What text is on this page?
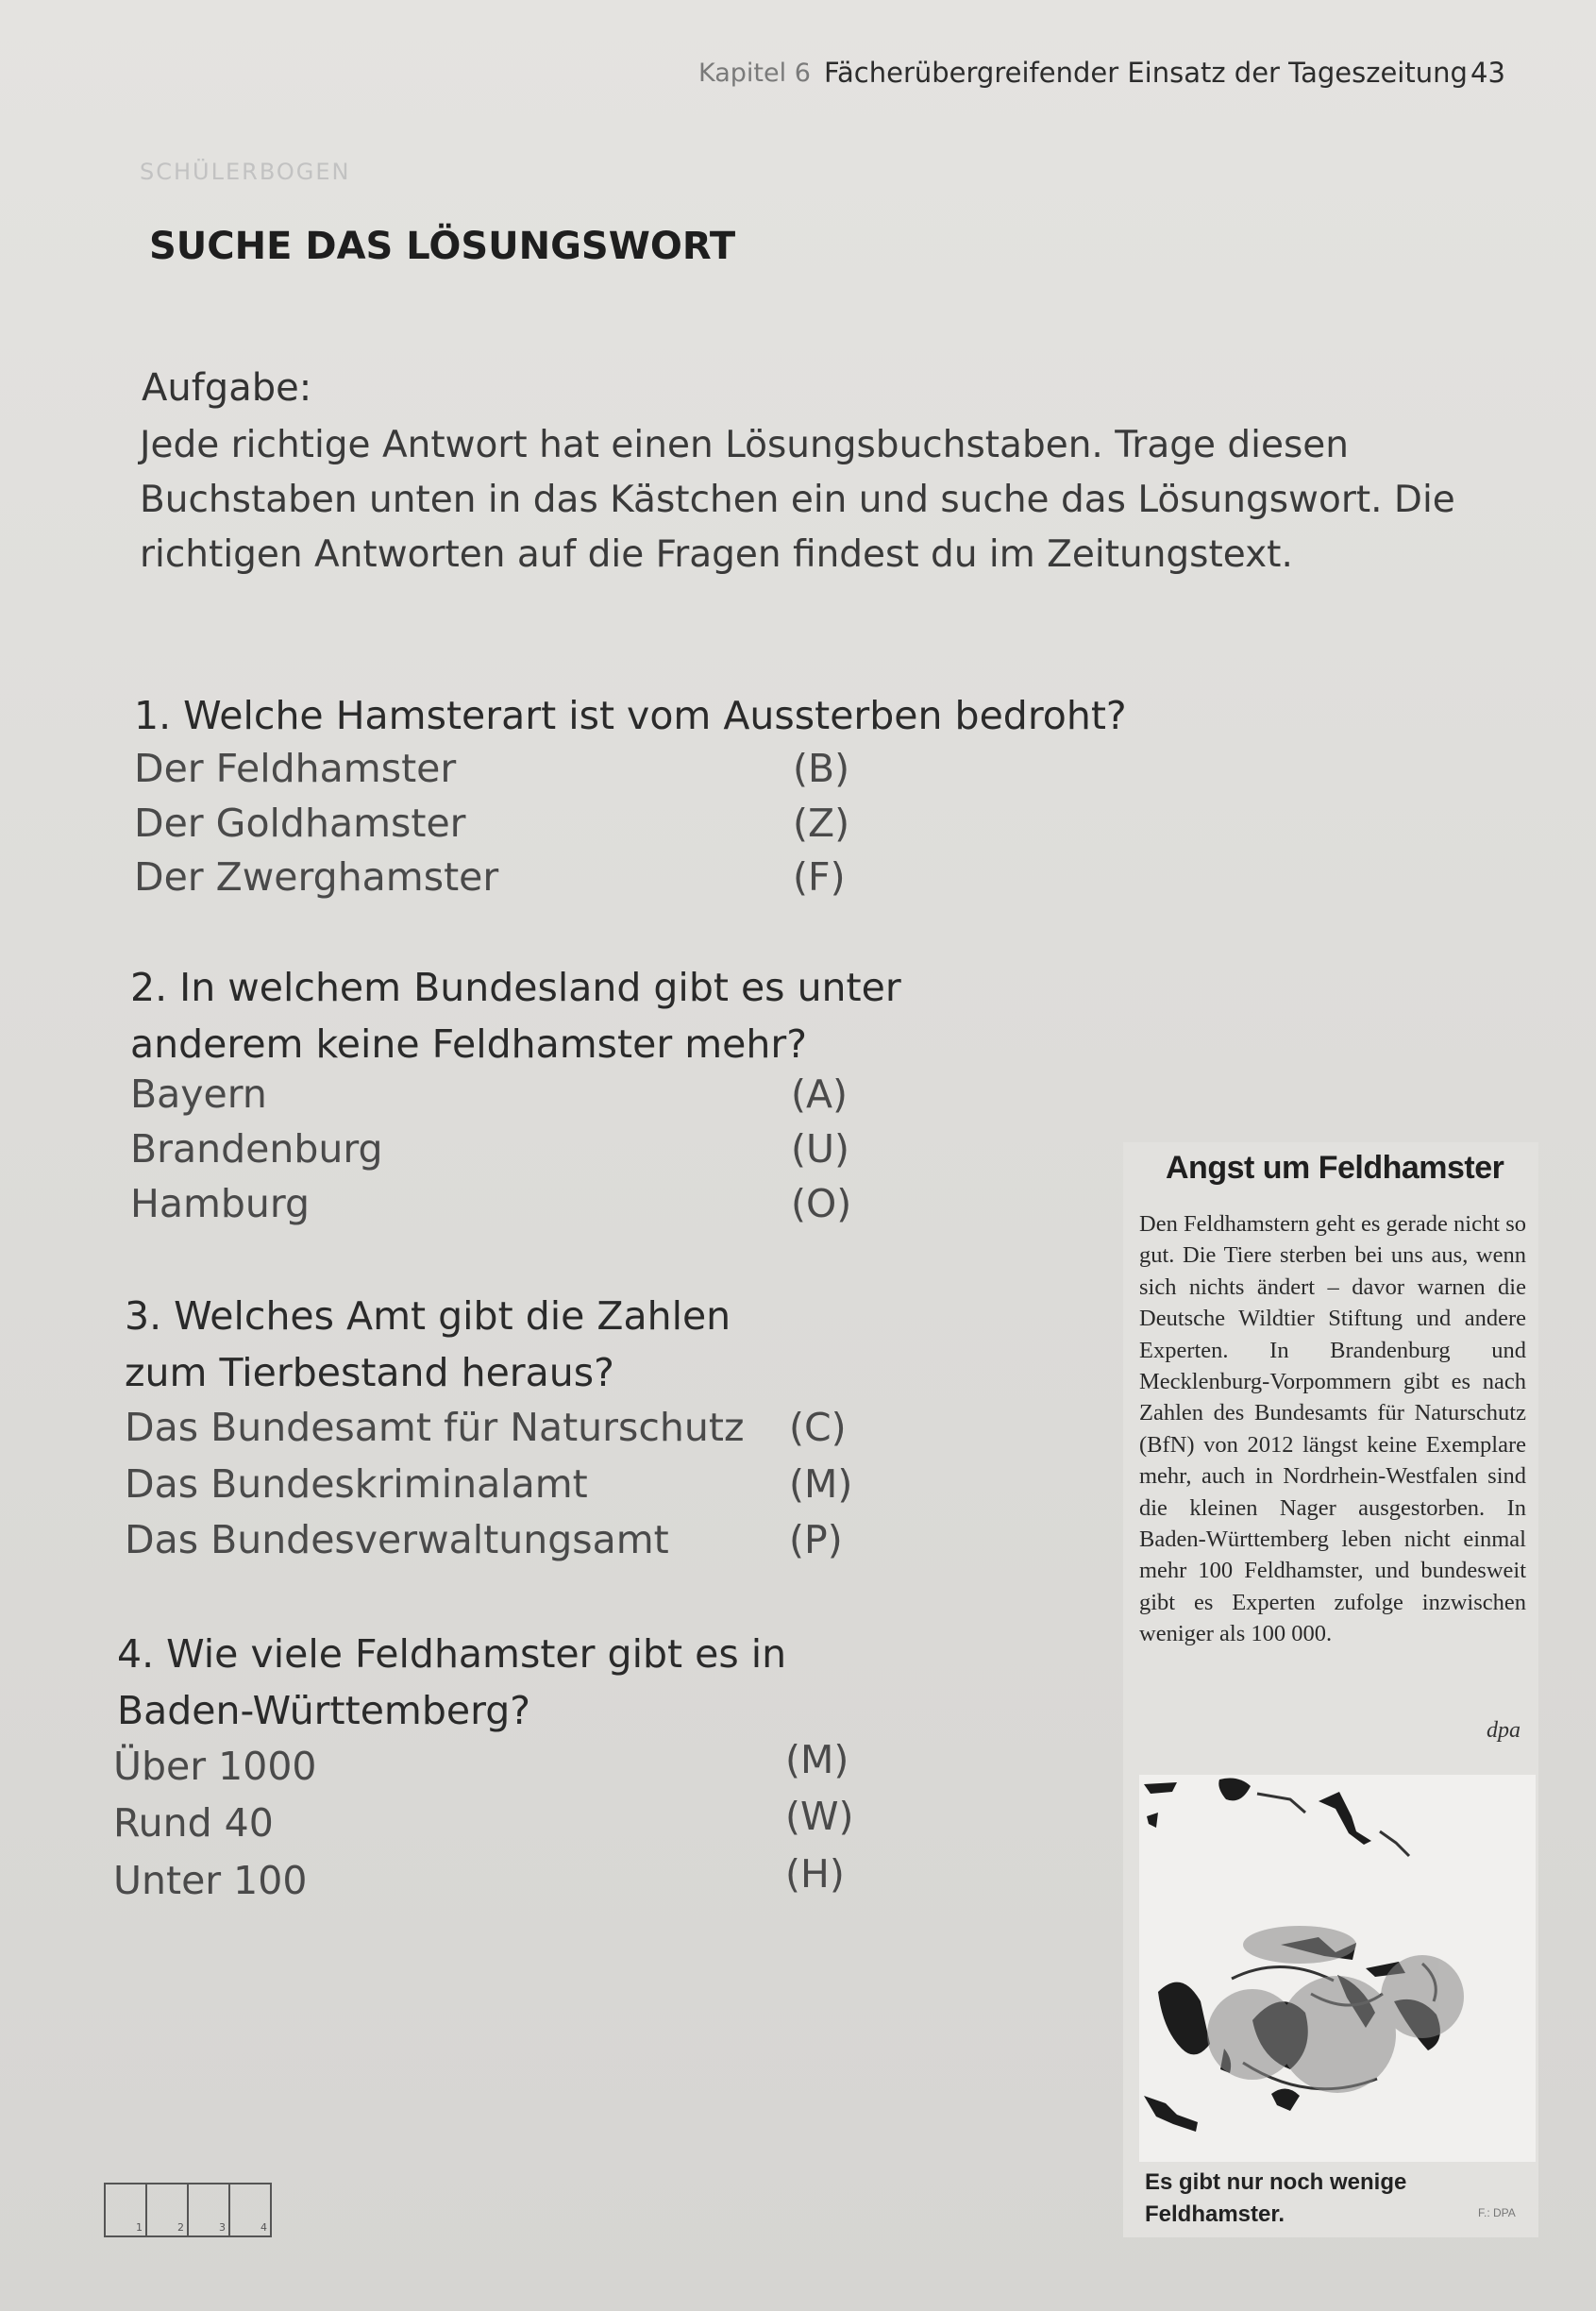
Kapitel 6 Fächerübergreifender Einsatz der Tageszeitung 43
SCHÜLERBOGEN
SUCHE DAS LÖSUNGSWORT
Aufgabe:
Jede richtige Antwort hat einen Lösungsbuchstaben. Trage diesen Buchstaben unten in das Kästchen ein und suche das Lösungswort. Die richtigen Antworten auf die Fragen findest du im Zeitungstext.
1. Welche Hamsterart ist vom Aussterben bedroht?
Der Feldhamster	(B)
Der Goldhamster	(Z)
Der Zwerghamster	(F)
2. In welchem Bundesland gibt es unter anderem keine Feldhamster mehr?
Bayern	(A)
Brandenburg	(U)
Hamburg	(O)
3. Welches Amt gibt die Zahlen zum Tierbestand heraus?
Das Bundesamt für Naturschutz (C)
Das Bundeskriminalamt	(M)
Das Bundesverwaltungsamt	(P)
4. Wie viele Feldhamster gibt es in Baden-Württemberg?
Über 1000	(M)
Rund 40	(W)
Unter 100	(H)
1	2	3	4
Angst um Feldhamster
Den Feldhamstern geht es gerade nicht so gut. Die Tiere sterben bei uns aus, wenn sich nichts ändert – davor warnen die Deutsche Wildtier Stiftung und andere Experten. In Brandenburg und Mecklenburg-Vorpommern gibt es nach Zahlen des Bundesamts für Naturschutz (BfN) von 2012 längst keine Exemplare mehr, auch in Nordrhein-Westfalen sind die kleinen Nager ausgestorben. In Baden-Württemberg leben nicht einmal mehr 100 Feldhamster, und bundesweit gibt es Experten zufolge inzwischen weniger als 100 000.
dpa
Es gibt nur noch wenige Feldhamster.	F.: DPA
